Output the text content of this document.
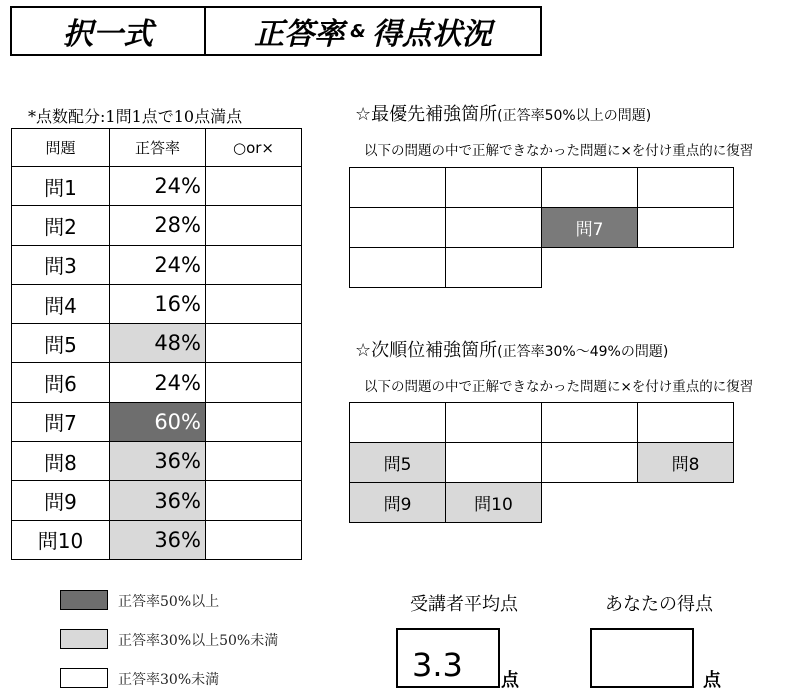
択一式	正答率 & 得点状況
*点数配分:1問1点で10点満点
問題	正答率	○or×
問1	24%	
問2	28%	
問3	24%	
問4	16%	
問5	48%	
問6	24%	
問7	60%	
問8	36%	
問9	36%	
問10	36%	
☆最優先補強箇所(正答率50%以上の問題)
以下の問題の中で正解できなかった問題に×を付け重点的に復習
問7
☆次順位補強箇所(正答率30%～49%の問題)
以下の問題の中で正解できなかった問題に×を付け重点的に復習
問5	問8
問9	問10
正答率50%以上
正答率30%以上50%未満
正答率30%未満
受講者平均点
3.3 点
あなたの得点
点
